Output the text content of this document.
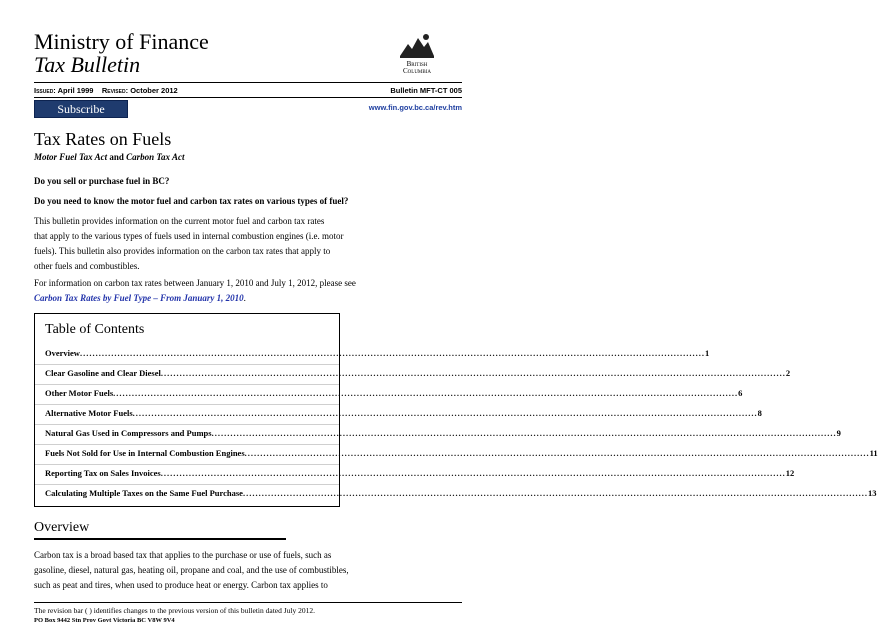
Ministry of Finance
Tax Bulletin	British
Columbia
Issued: April 1999 Revised: October 2012	Bulletin MFT-CT 005
Subscribe	www.fin.gov.bc.ca/rev.htm
Tax Rates on Fuels
Motor Fuel Tax Act and Carbon Tax Act
Do you sell or purchase fuel in BC?
Do you need to know the motor fuel and carbon tax rates on various types of fuel?
This bulletin provides information on the current motor fuel and carbon tax rates
that apply to the various types of fuels used in internal combustion engines (i.e. motor
fuels). This bulletin also provides information on the carbon tax rates that apply to
other fuels and combustibles.
For information on carbon tax rates between January 1, 2010 and July 1, 2012, please see
Carbon Tax Rates by Fuel Type – From January 1, 2010.
Table of Contents
Overview ........................................................................................................................................................................................................ 1
Clear Gasoline and Clear Diesel ........................................................................................................................................................................................................ 2
Other Motor Fuels ........................................................................................................................................................................................................ 6
Alternative Motor Fuels ........................................................................................................................................................................................................ 8
Natural Gas Used in Compressors and Pumps ........................................................................................................................................................................................................ 9
Fuels Not Sold for Use in Internal Combustion Engines ........................................................................................................................................................................................................ 11
Reporting Tax on Sales Invoices ........................................................................................................................................................................................................ 12
Calculating Multiple Taxes on the Same Fuel Purchase ........................................................................................................................................................................................................ 13
Overview
Carbon tax is a broad based tax that applies to the purchase or use of fuels, such as
gasoline, diesel, natural gas, heating oil, propane and coal, and the use of combustibles,
such as peat and tires, when used to produce heat or energy. Carbon tax applies to
The revision bar ( ) identifies changes to the previous version of this bulletin dated July 2012.
PO Box 9442 Stn Prov Govt Victoria BC V8W 9V4
